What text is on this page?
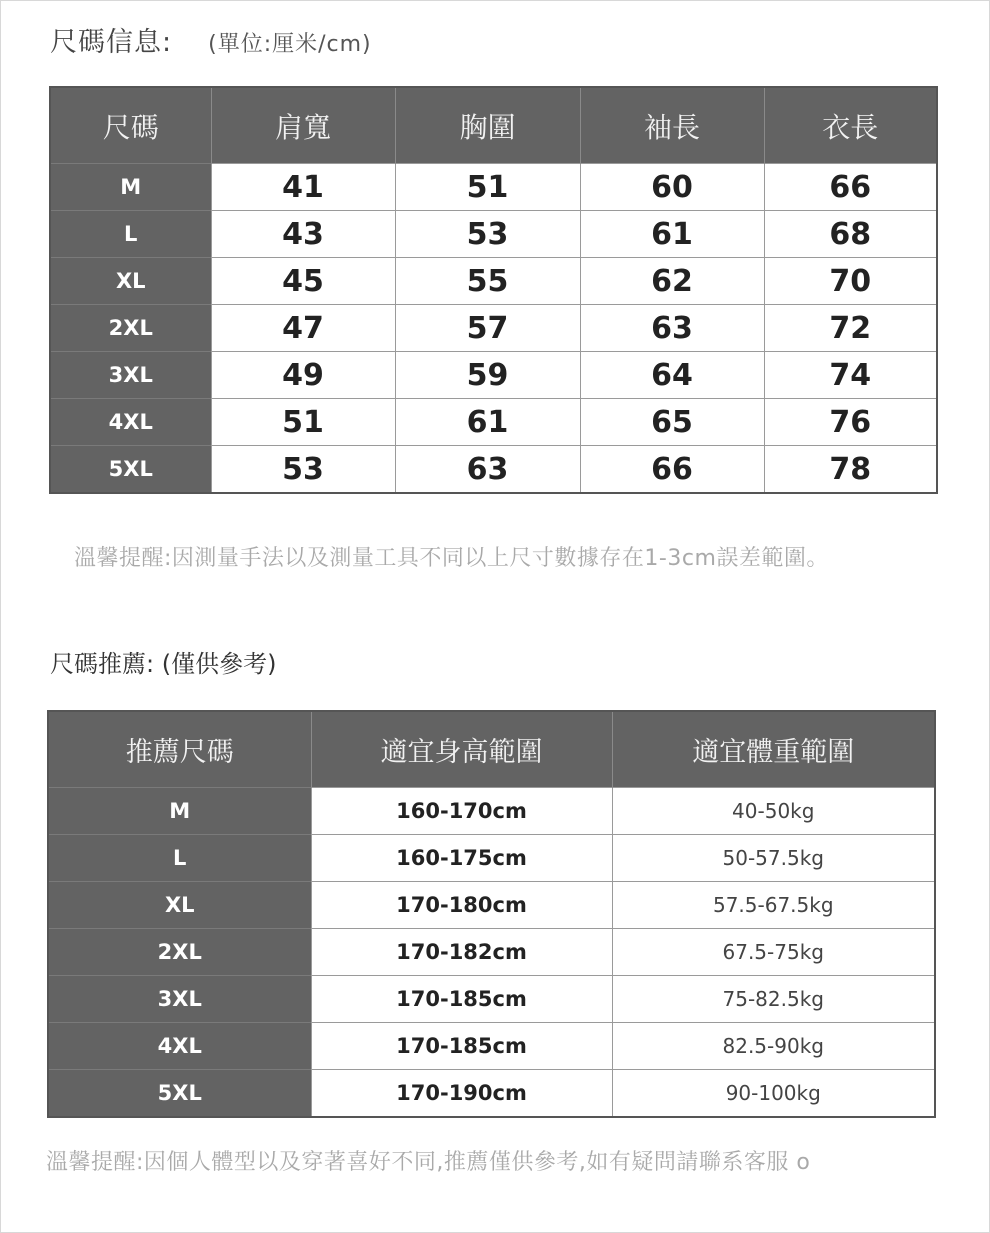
尺碼信息: (單位:厘米/cm)
尺碼	肩寬	胸圍	袖長	衣長
M	41	51	60	66
L	43	53	61	68
XL	45	55	62	70
2XL	47	57	63	72
3XL	49	59	64	74
4XL	51	61	65	76
5XL	53	63	66	78
溫馨提醒:因測量手法以及測量工具不同以上尺寸數據存在1-3cm誤差範圍。
尺碼推薦: (僅供參考)
推薦尺碼	適宜身高範圍	適宜體重範圍
M	160-170cm	40-50kg
L	160-175cm	50-57.5kg
XL	170-180cm	57.5-67.5kg
2XL	170-182cm	67.5-75kg
3XL	170-185cm	75-82.5kg
4XL	170-185cm	82.5-90kg
5XL	170-190cm	90-100kg
溫馨提醒:因個人體型以及穿著喜好不同,推薦僅供參考,如有疑問請聯系客服 o
